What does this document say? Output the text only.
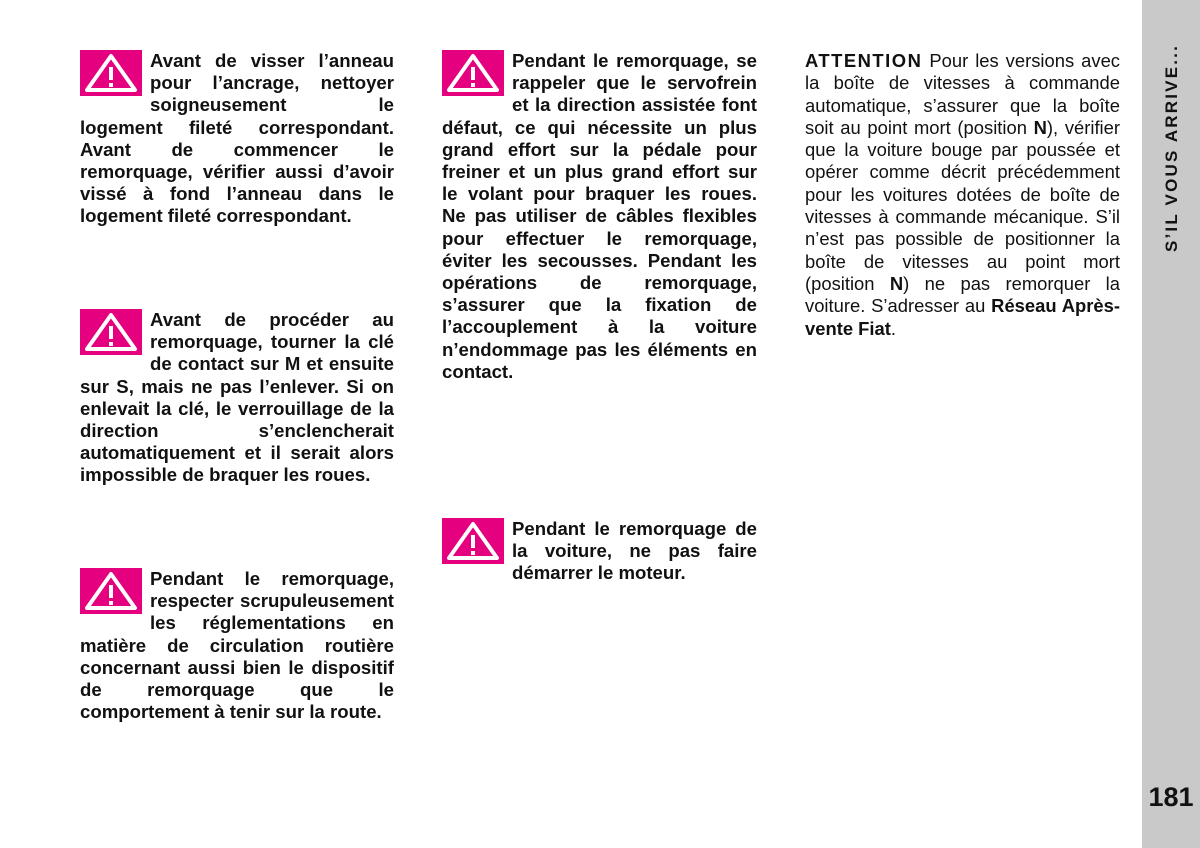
Avant de visser l’anneau pour l’ancrage, nettoyer soigneusement le logement fileté correspondant. Avant de commencer le remorquage, vérifier aussi d’avoir vissé à fond l’anneau dans le logement fileté correspondant.

Avant de procéder au remorquage, tourner la clé de contact sur M et ensuite sur S, mais ne pas l’enlever. Si on enlevait la clé, le verrouillage de la direction s’enclencherait automatiquement et il serait alors impossible de braquer les roues.

Pendant le remorquage, respecter scrupuleusement les réglementations en matière de circulation routière concernant aussi bien le dispositif de remorquage que le comportement à tenir sur la route.

Pendant le remorquage, se rappeler que le servofrein et la direction assistée font défaut, ce qui nécessite un plus grand effort sur la pédale pour freiner et un plus grand effort sur le volant pour braquer les roues. Ne pas utiliser de câbles flexibles pour effectuer le remorquage, éviter les secousses. Pendant les opérations de remorquage, s’assurer que la fixation de l’accouplement à la voiture n’endommage pas les éléments en contact.

Pendant le remorquage de la voiture, ne pas faire démarrer le moteur.

ATTENTION Pour les versions avec la boîte de vitesses à commande automatique, s’assurer que la boîte soit au point mort (position N), vérifier que la voiture bouge par poussée et opérer comme décrit précédemment pour les voitures dotées de boîte de vitesses à commande mécanique. S’il n’est pas possible de positionner la boîte de vitesses au point mort (position N) ne pas remorquer la voiture. S’adresser au Réseau Après-vente Fiat.

S’IL VOUS ARRIVE...
181
